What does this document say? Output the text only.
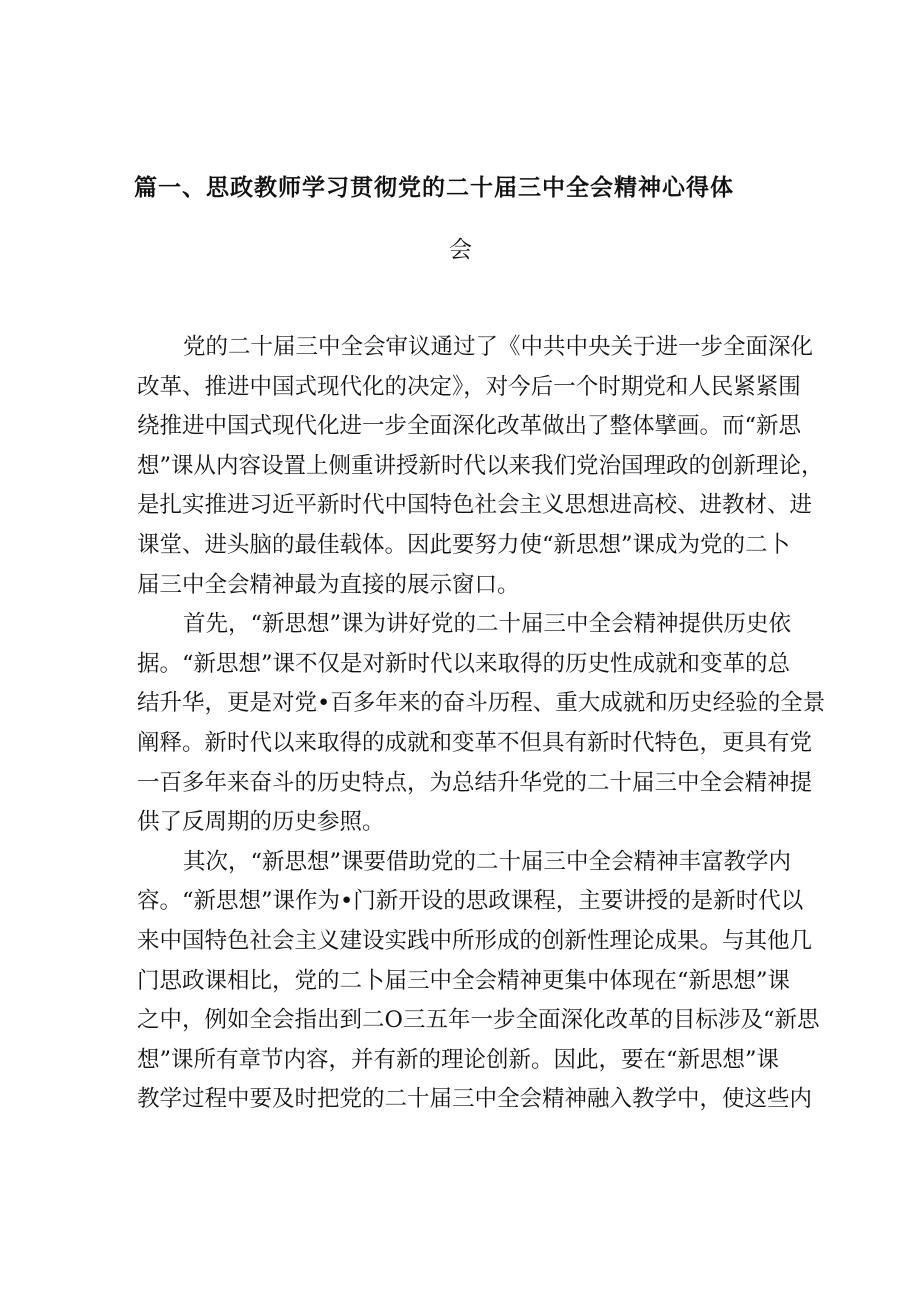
篇一、思政教师学习贯彻党的二十届三中全会精神心得体
会
党的二十届三中全会审议通过了《中共中央关于进一步全面深化
改革、推进中国式现代化的决定》，对今后一个时期党和人民紧紧围
绕推进中国式现代化进一步全面深化改革做出了整体擘画。而“新思
想”课从内容设置上侧重讲授新时代以来我们党治国理政的创新理论，
是扎实推进习近平新时代中国特色社会主义思想进高校、进教材、进
课堂、进头脑的最佳载体。因此要努力使“新思想”课成为党的二卜
届三中全会精神最为直接的展示窗口。
首先，“新思想”课为讲好党的二十届三中全会精神提供历史依
据。“新思想”课不仅是对新时代以来取得的历史性成就和变革的总
结升华，更是对党•百多年来的奋斗历程、重大成就和历史经验的全景
阐释。新时代以来取得的成就和变革不但具有新时代特色，更具有党
一百多年来奋斗的历史特点，为总结升华党的二十届三中全会精神提
供了反周期的历史参照。
其次，“新思想”课要借助党的二十届三中全会精神丰富教学内
容。“新思想”课作为•门新开设的思政课程，主要讲授的是新时代以
来中国特色社会主义建设实践中所形成的创新性理论成果。与其他几
门思政课相比，党的二卜届三中全会精神更集中体现在“新思想”课
之中，例如全会指出到二O三五年一步全面深化改革的目标涉及“新思
想”课所有章节内容，并有新的理论创新。因此，要在“新思想”课
教学过程中要及时把党的二十届三中全会精神融入教学中，使这些内
